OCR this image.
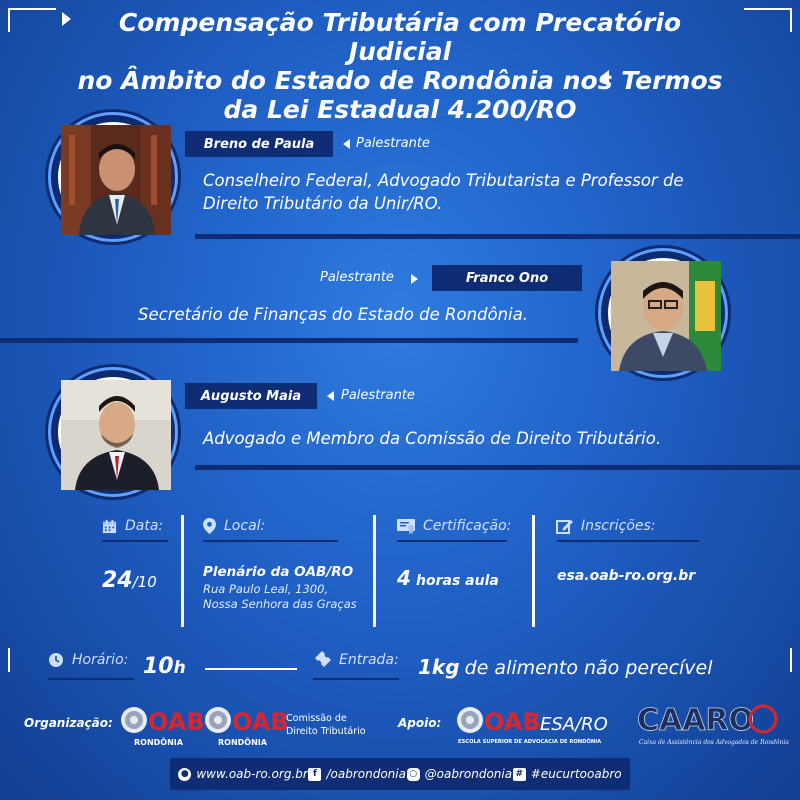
Compensação Tributária com Precatório Judicial
no Âmbito do Estado de Rondônia nos Termos
da Lei Estadual 4.200/RO
Breno de Paula	Palestrante
Conselheiro Federal, Advogado Tributarista e Professor de
Direito Tributário da Unir/RO.
Palestrante	Franco Ono
Secretário de Finanças do Estado de Rondônia.
Augusto Maia	Palestrante
Advogado e Membro da Comissão de Direito Tributário.
Data:
24/10
Local:
Plenário da OAB/RO
Rua Paulo Leal, 1300,
Nossa Senhora das Graças
Certificação:
4 horas aula
Inscrições:
esa.oab-ro.org.br
Horário: 10h	Entrada: 1kg de alimento não perecível
Organização: OAB
RONDÔNIA
OAB
RONDÔNIA
Comissão de
Direito Tributário
Apoio: OAB ESA/RO
ESCOLA SUPERIOR DE ADVOCACIA DE RONDÔNIA
CAARO
Caixa de Assistência dos Advogados de Rondônia
● www.oab-ro.org.br f /oabrondonia ○ @oabrondonia # #eucurtooabro
